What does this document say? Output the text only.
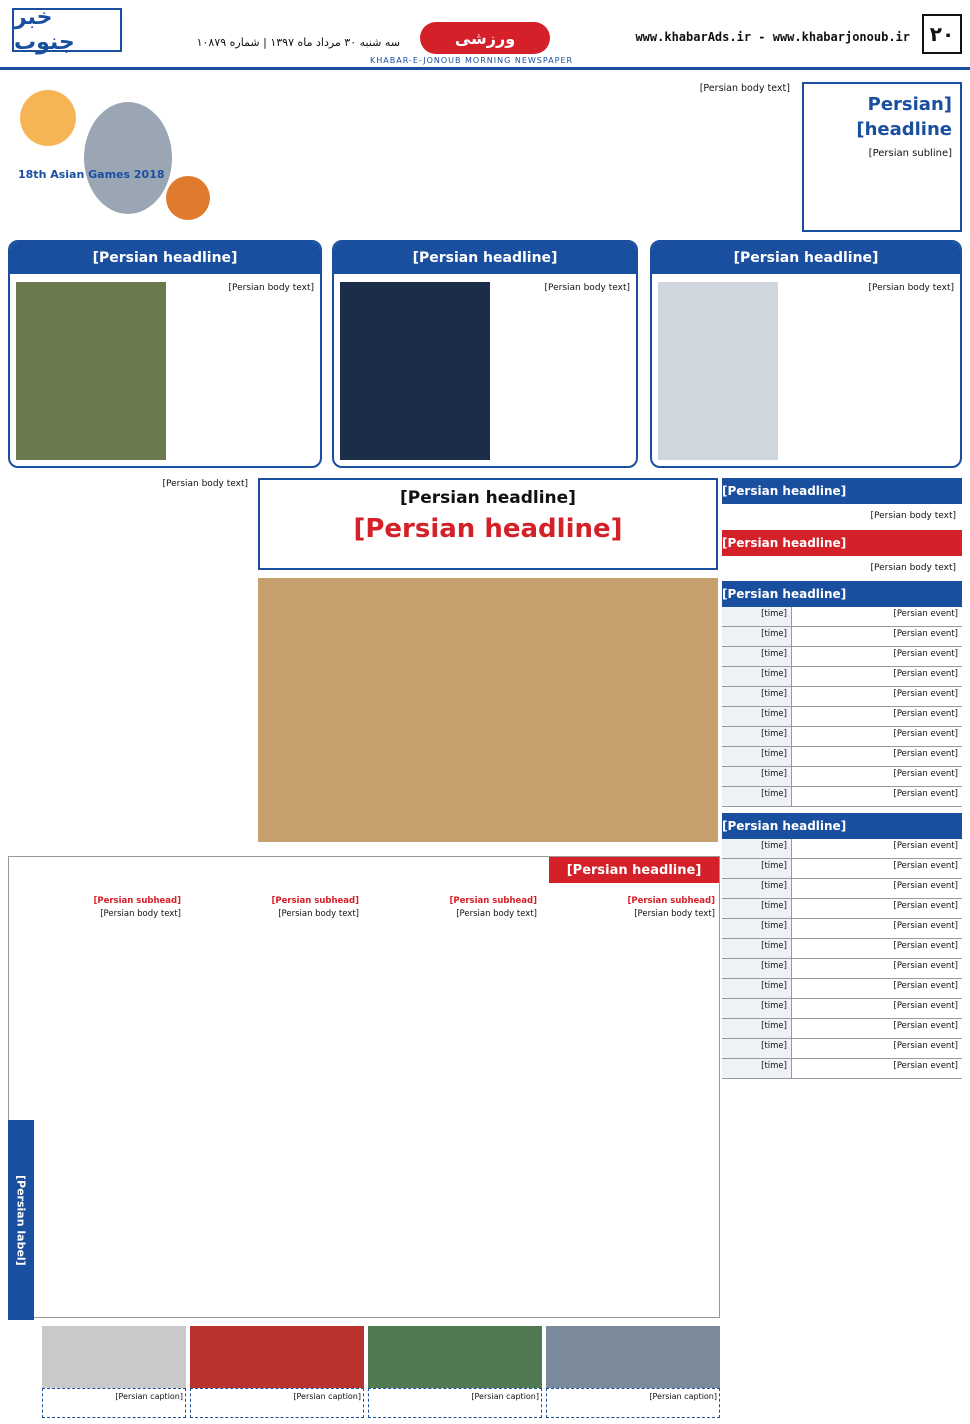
۲۰
www.khabarAds.ir - www.khabarjonoub.ir
ورزشی
سه شنبه ۳۰ مرداد ماه ۱۳۹۷ | شماره ۱۰۸۷۹
خبر جنوب
KHABAR-E-JONOUB MORNING NEWSPAPER
[Persian headline]
[Persian subline]
[Persian body text]
18th Asian Games 2018
[Persian headline]
[Persian body text]
[Persian headline]
[Persian body text]
[Persian headline]
[Persian body text]
[Persian headline]
[Persian body text]
[Persian headline]
[Persian body text]
[Persian headline]
[Persian event]
[time]
[Persian event]
[time]
[Persian event]
[time]
[Persian event]
[time]
[Persian event]
[time]
[Persian event]
[time]
[Persian event]
[time]
[Persian event]
[time]
[Persian event]
[time]
[Persian event]
[time]
[Persian headline]
[Persian event]
[time]
[Persian event]
[time]
[Persian event]
[time]
[Persian event]
[time]
[Persian event]
[time]
[Persian event]
[time]
[Persian event]
[time]
[Persian event]
[time]
[Persian event]
[time]
[Persian event]
[time]
[Persian event]
[time]
[Persian event]
[time]
[Persian body text]
[Persian headline]
[Persian headline]
[Persian headline]
[Persian subhead]
[Persian body text]
[Persian subhead]
[Persian body text]
[Persian subhead]
[Persian body text]
[Persian subhead]
[Persian body text]
[Persian caption]
[Persian caption]
[Persian caption]
[Persian caption]
[Persian label]
